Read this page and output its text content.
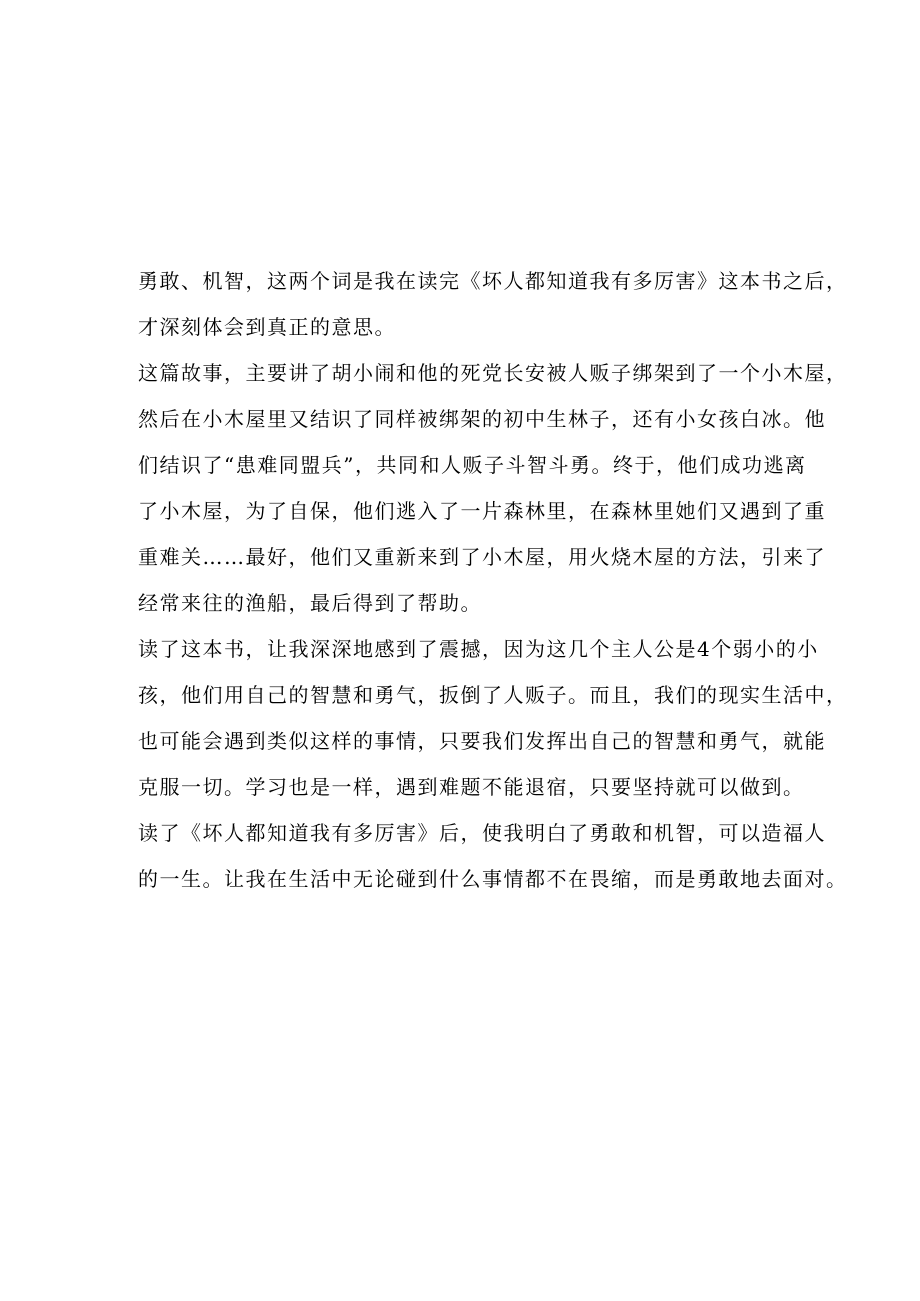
勇敢、机智，这两个词是我在读完《坏人都知道我有多厉害》这本书之后，
才深刻体会到真正的意思。
这篇故事，主要讲了胡小闹和他的死党长安被人贩子绑架到了一个小木屋，
然后在小木屋里又结识了同样被绑架的初中生林子，还有小女孩白冰。他
们结识了“患难同盟兵”，共同和人贩子斗智斗勇。终于，他们成功逃离
了小木屋，为了自保，他们逃入了一片森林里，在森林里她们又遇到了重
重难关……最好，他们又重新来到了小木屋，用火烧木屋的方法，引来了
经常来往的渔船，最后得到了帮助。
读了这本书，让我深深地感到了震撼，因为这几个主人公是4个弱小的小
孩，他们用自己的智慧和勇气，扳倒了人贩子。而且，我们的现实生活中，
也可能会遇到类似这样的事情，只要我们发挥出自己的智慧和勇气，就能
克服一切。学习也是一样，遇到难题不能退宿，只要坚持就可以做到。
读了《坏人都知道我有多厉害》后，使我明白了勇敢和机智，可以造福人
的一生。让我在生活中无论碰到什么事情都不在畏缩，而是勇敢地去面对。
